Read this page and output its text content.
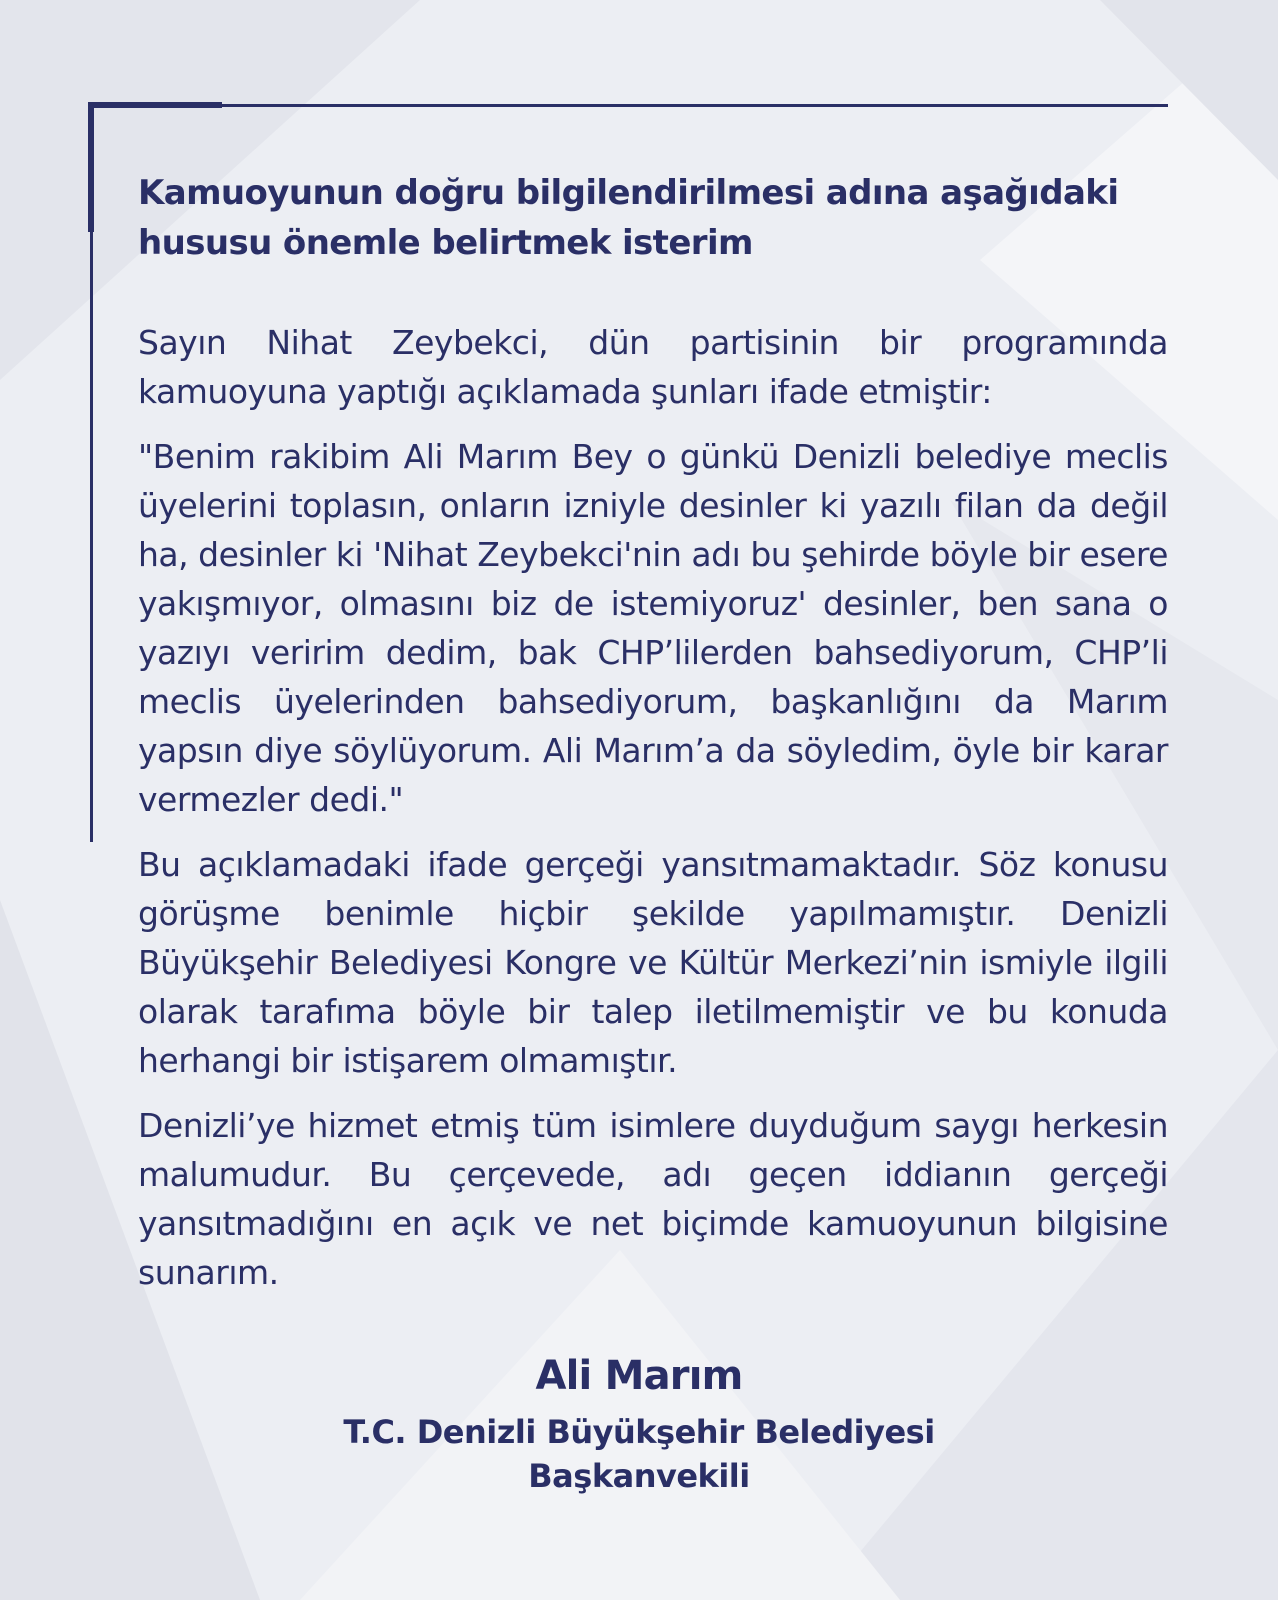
Kamuoyunun doğru bilgilendirilmesi adına aşağıdaki hususu önemle belirtmek isterim

Sayın Nihat Zeybekci, dün partisinin bir programında kamuoyuna yaptığı açıklamada şunları ifade etmiştir:

"Benim rakibim Ali Marım Bey o günkü Denizli belediye meclis üyelerini toplasın, onların izniyle desinler ki yazılı filan da değil ha, desinler ki 'Nihat Zeybekci'nin adı bu şehirde böyle bir esere yakışmıyor, olmasını biz de istemiyoruz' desinler, ben sana o yazıyı veririm dedim, bak CHP’lilerden bahsediyorum, CHP’li meclis üyelerinden bahsediyorum, başkanlığını da Marım yapsın diye söylüyorum. Ali Marım’a da söyledim, öyle bir karar vermezler dedi."

Bu açıklamadaki ifade gerçeği yansıtmamaktadır. Söz konusu görüşme benimle hiçbir şekilde yapılmamıştır. Denizli Büyükşehir Belediyesi Kongre ve Kültür Merkezi’nin ismiyle ilgili olarak tarafıma böyle bir talep iletilmemiştir ve bu konuda herhangi bir istişarem olmamıştır.

Denizli’ye hizmet etmiş tüm isimlere duyduğum saygı herkesin malumudur. Bu çerçevede, adı geçen iddianın gerçeği yansıtmadığını en açık ve net biçimde kamuoyunun bilgisine sunarım.

Ali Marım
T.C. Denizli Büyükşehir Belediyesi
Başkanvekili
